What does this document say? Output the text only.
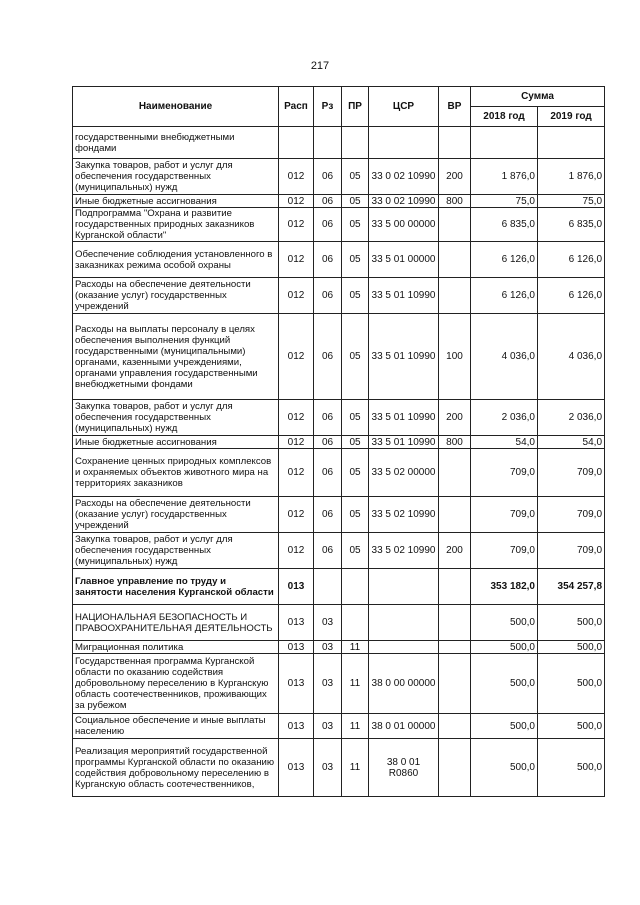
217
Наименование	Расп	Рз	ПР	ЦСР	ВР	Сумма	
						2018 год	2019 год
государственными внебюджетными фондами							
Закупка товаров, работ и услуг для обеспечения государственных (муниципальных) нужд	012	06	05	33 0 02 10990	200	1 876,0	1 876,0
Иные бюджетные ассигнования	012	06	05	33 0 02 10990	800	75,0	75,0
Подпрограмма "Охрана и развитие государственных природных заказников Курганской области"	012	06	05	33 5 00 00000		6 835,0	6 835,0
Обеспечение соблюдения установленного в заказниках режима особой охраны	012	06	05	33 5 01 00000		6 126,0	6 126,0
Расходы на обеспечение деятельности (оказание услуг) государственных учреждений	012	06	05	33 5 01 10990		6 126,0	6 126,0
Расходы на выплаты персоналу в целях обеспечения выполнения функций государственными (муниципальными) органами, казенными учреждениями, органами управления государственными внебюджетными фондами	012	06	05	33 5 01 10990	100	4 036,0	4 036,0
Закупка товаров, работ и услуг для обеспечения государственных (муниципальных) нужд	012	06	05	33 5 01 10990	200	2 036,0	2 036,0
Иные бюджетные ассигнования	012	06	05	33 5 01 10990	800	54,0	54,0
Сохранение ценных природных комплексов и охраняемых объектов животного мира на территориях заказников	012	06	05	33 5 02 00000		709,0	709,0
Расходы на обеспечение деятельности (оказание услуг) государственных учреждений	012	06	05	33 5 02 10990		709,0	709,0
Закупка товаров, работ и услуг для обеспечения государственных (муниципальных) нужд	012	06	05	33 5 02 10990	200	709,0	709,0
Главное управление по труду и занятости населения Курганской области	013					353 182,0	354 257,8
НАЦИОНАЛЬНАЯ БЕЗОПАСНОСТЬ И ПРАВООХРАНИТЕЛЬНАЯ ДЕЯТЕЛЬНОСТЬ	013	03				500,0	500,0
Миграционная политика	013	03	11			500,0	500,0
Государственная программа Курганской области по оказанию содействия добровольному переселению в Курганскую область соотечественников, проживающих за рубежом	013	03	11	38 0 00 00000		500,0	500,0
Социальное обеспечение и иные выплаты населению	013	03	11	38 0 01 00000		500,0	500,0
Реализация мероприятий государственной программы Курганской области по оказанию содействия добровольному переселению в Курганскую область соотечественников,	013	03	11	38 0 01 R0860		500,0	500,0
